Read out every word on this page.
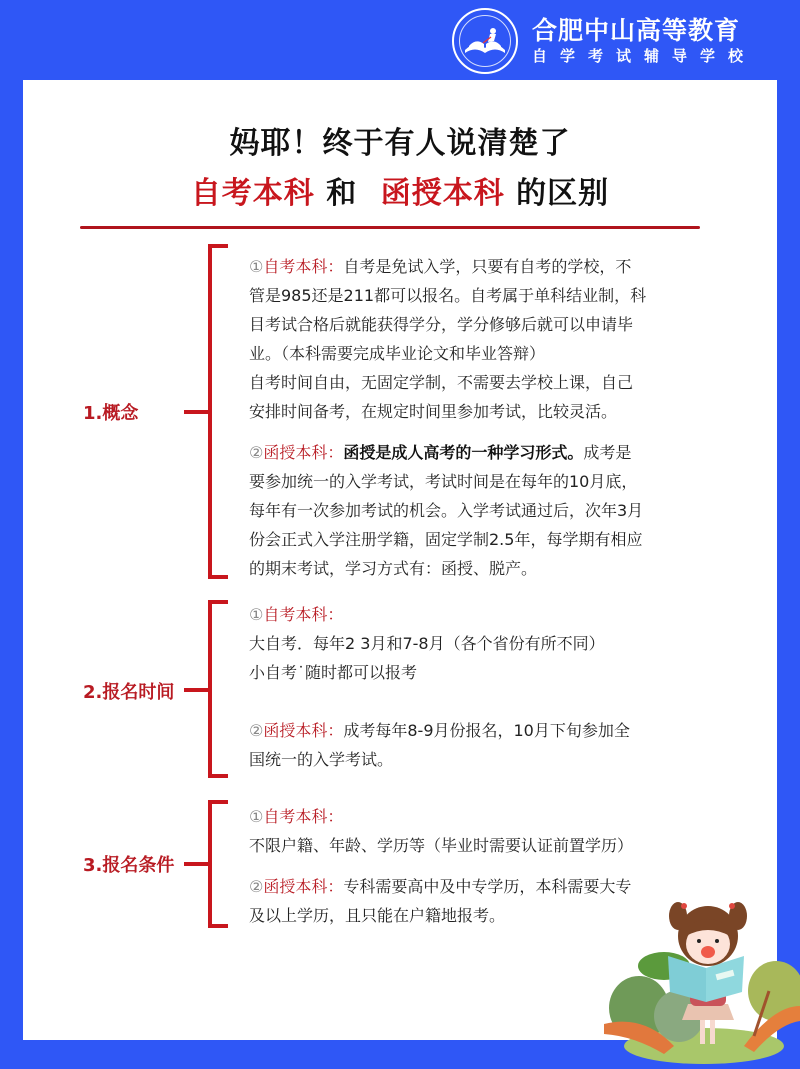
合肥中山高等教育
自学考试辅导学校
妈耶！终于有人说清楚了
自考本科 和 函授本科 的区别
1.概念

①自考本科：自考是免试入学，只要有自考的学校，不

管是985还是211都可以报名。自考属于单科结业制，科

目考试合格后就能获得学分，学分修够后就可以申请毕

业。（本科需要完成毕业论文和毕业答辩）

自考时间自由，无固定学制，不需要去学校上课，自己

安排时间备考，在规定时间里参加考试，比较灵活。

②函授本科：函授是成人高考的一种学习形式。成考是

要参加统一的入学考试，考试时间是在每年的10月底，

每年有一次参加考试的机会。入学考试通过后，次年3月

份会正式入学注册学籍，固定学制2.5年，每学期有相应

的期末考试，学习方式有：函授、脱产。

2.报名时间

①自考本科：

大自考．每年2 3月和7-8月（各个省份有所不同）

小自考˙随时都可以报考

②函授本科：成考每年8-9月份报名，10月下旬参加全

国统一的入学考试。

3.报名条件

①自考本科：

不限户籍、年龄、学历等（毕业时需要认证前置学历）

②函授本科：专科需要高中及中专学历，本科需要大专

及以上学历，且只能在户籍地报考。
